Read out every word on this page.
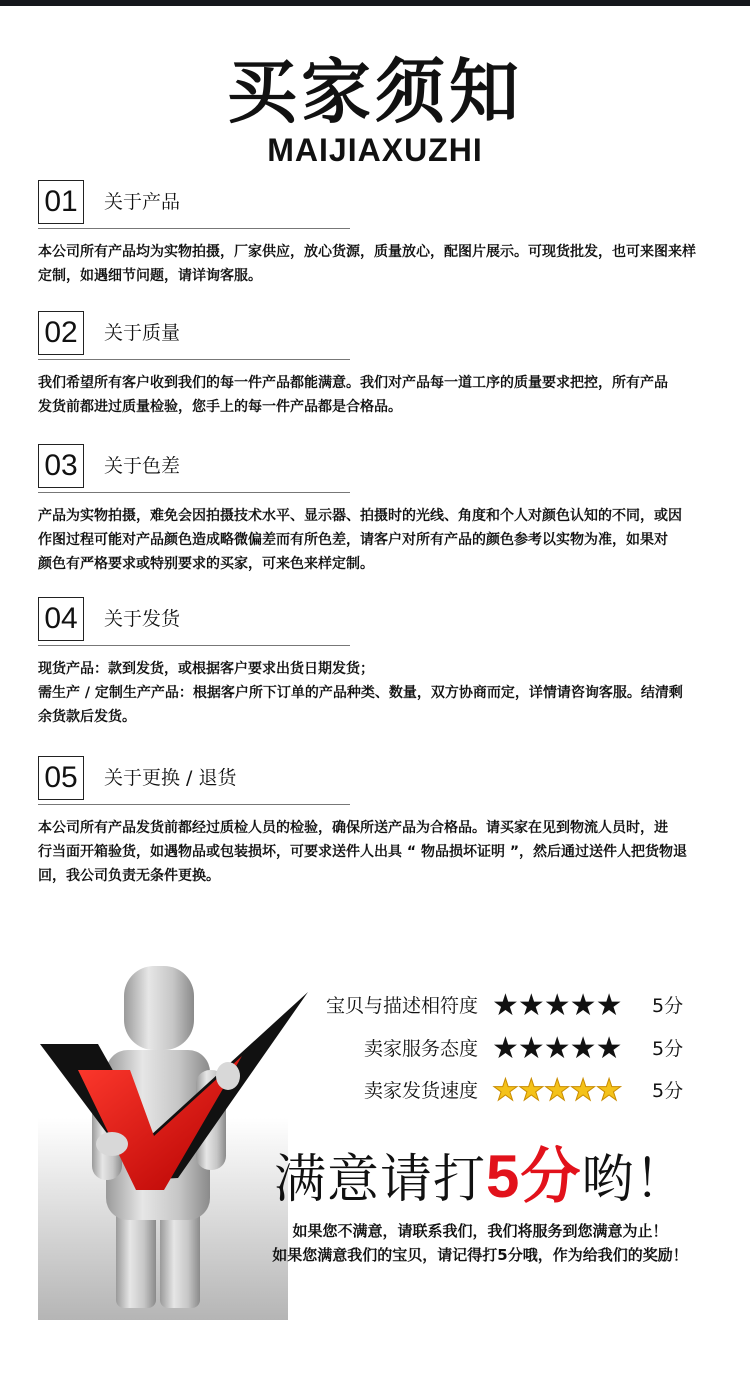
买家须知
MAIJIAXUZHI
01	关于产品

本公司所有产品均为实物拍摄，厂家供应，放心货源，质量放心，配图片展示。可现货批发，也可来图来样

定制，如遇细节问题，请详询客服。

02	关于质量

我们希望所有客户收到我们的每一件产品都能满意。我们对产品每一道工序的质量要求把控，所有产品

发货前都进过质量检验，您手上的每一件产品都是合格品。

03	关于色差

产品为实物拍摄，难免会因拍摄技术水平、显示器、拍摄时的光线、角度和个人对颜色认知的不同，或因

作图过程可能对产品颜色造成略微偏差而有所色差，请客户对所有产品的颜色参考以实物为准，如果对

颜色有严格要求或特别要求的买家，可来色来样定制。

04	关于发货

现货产品：款到发货，或根据客户要求出货日期发货；

需生产 / 定制生产产品：根据客户所下订单的产品种类、数量，双方协商而定，详情请咨询客服。结清剩

余货款后发货。

05	关于更换 / 退货

本公司所有产品发货前都经过质检人员的检验，确保所送产品为合格品。请买家在见到物流人员时，进

行当面开箱验货，如遇物品或包装损坏，可要求送件人出具 “ 物品损坏证明 ”，然后通过送件人把货物退

回，我公司负责无条件更换。

宝贝与描述相符度 ★★★★★ 5分
卖家服务态度 ★★★★★ 5分
卖家发货速度 ★★★★★ 5分
满意请打5分哟！
如果您不满意，请联系我们，我们将服务到您满意为止！
如果您满意我们的宝贝，请记得打5分哦，作为给我们的奖励！
